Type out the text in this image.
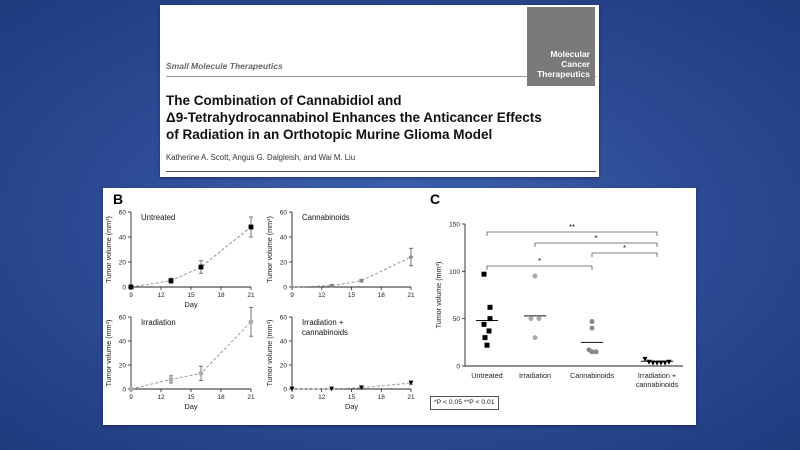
Small Molecule Therapeutics
Molecular
Cancer
Therapeutics
The Combination of Cannabidiol and
Δ9-Tetrahydrocannabinol Enhances the Anticancer Effects
of Radiation in an Orthotopic Murine Glioma Model
Katherine A. Scott, Angus G. Dalgleish, and Wai M. Liu
B	C
0
20
40
60
9	12	15	18	21
Day
Tumor volume (mm³)	Untreated
0
20
40
60
9	12	15	18	21
Tumor volume (mm³)	Cannabinoids
0
20
40
60
9	12	15	18	21
Day
Tumor volume (mm³)	Irradiation
0
20
40
60
9	12	15	18	21
Day
Tumor volume (mm³)	Irradiation +
cannabinoids
0
50
100
150
Tumor volume (mm³)
Untreated Irradiation	Cannabinoids	Irradiation +
cannabinoids
**
*
*
*
*P < 0.05 **P < 0.01
